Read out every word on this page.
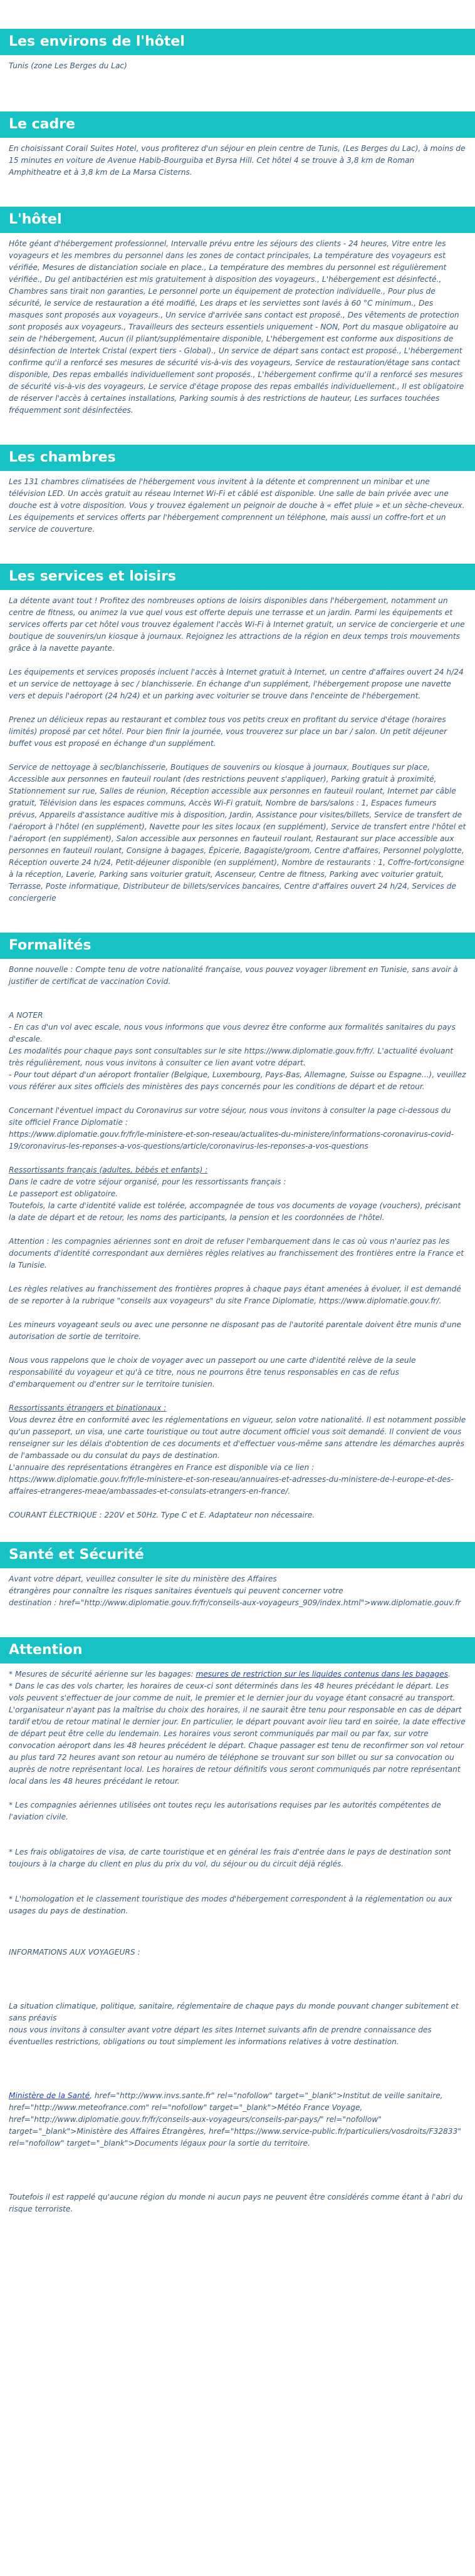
Les environs de l'hôtel

Tunis (zone Les Berges du Lac)

Le cadre

En choisissant Corail Suites Hotel, vous profiterez d'un séjour en plein centre de Tunis, (Les Berges du Lac), à moins de 15 minutes en voiture de Avenue Habib-Bourguiba et Byrsa Hill. Cet hôtel 4 se trouve à 3,8 km de Roman Amphitheatre et à 3,8 km de La Marsa Cisterns.

L'hôtel

Hôte géant d'hébergement professionnel, Intervalle prévu entre les séjours des clients - 24 heures, Vitre entre les voyageurs et les membres du personnel dans les zones de contact principales, La température des voyageurs est vérifiée, Mesures de distanciation sociale en place., La température des membres du personnel est régulièrement vérifiée., Du gel antibactérien est mis gratuitement à disposition des voyageurs., L'hébergement est désinfecté., Chambres sans tirait non garanties, Le personnel porte un équipement de protection individuelle., Pour plus de sécurité, le service de restauration a été modifié, Les draps et les serviettes sont lavés à 60 °C minimum., Des masques sont proposés aux voyageurs., Un service d'arrivée sans contact est proposé., Des vêtements de protection sont proposés aux voyageurs., Travailleurs des secteurs essentiels uniquement - NON, Port du masque obligatoire au sein de l'hébergement, Aucun (il pliant/supplémentaire disponible, L'hébergement est conforme aux dispositions de désinfection de Intertek Cristal (expert tiers - Global)., Un service de départ sans contact est proposé., L'hébergement confirme qu'il a renforcé ses mesures de sécurité vis-à-vis des voyageurs, Service de restauration/étage sans contact disponible, Des repas emballés individuellement sont proposés., L'hébergement confirme qu'il a renforcé ses mesures de sécurité vis-à-vis des voyageurs, Le service d'étage propose des repas emballés individuellement., Il est obligatoire de réserver l'accès à certaines installations, Parking soumis à des restrictions de hauteur, Les surfaces touchées fréquemment sont désinfectées.

Les chambres

Les 131 chambres climatisées de l'hébergement vous invitent à la détente et comprennent un minibar et une télévision LED. Un accès gratuit au réseau Internet Wi-Fi et câblé est disponible. Une salle de bain privée avec une douche est à votre disposition. Vous y trouvez également un peignoir de douche à « effet pluie » et un sèche-cheveux. Les équipements et services offerts par l'hébergement comprennent un téléphone, mais aussi un coffre-fort et un service de couverture.

Les services et loisirs

La détente avant tout ! Profitez des nombreuses options de loisirs disponibles dans l'hébergement, notamment un centre de fitness, ou animez la vue quel vous est offerte depuis une terrasse et un jardin. Parmi les équipements et services offerts par cet hôtel vous trouvez également l'accès Wi-Fi à Internet gratuit, un service de conciergerie et une boutique de souvenirs/un kiosque à journaux. Rejoignez les attractions de la région en deux temps trois mouvements grâce à la navette payante.

Les équipements et services proposés incluent l'accès à Internet gratuit à Internet, un centre d'affaires ouvert 24 h/24 et un service de nettoyage à sec / blanchisserie. En échange d'un supplément, l'hébergement propose une navette vers et depuis l'aéroport (24 h/24) et un parking avec voiturier se trouve dans l'enceinte de l'hébergement.

Prenez un délicieux repas au restaurant et comblez tous vos petits creux en profitant du service d'étage (horaires limités) proposé par cet hôtel. Pour bien finir la journée, vous trouverez sur place un bar / salon. Un petit déjeuner buffet vous est proposé en échange d'un supplément.

Service de nettoyage à sec/blanchisserie, Boutiques de souvenirs ou kiosque à journaux, Boutiques sur place, Accessible aux personnes en fauteuil roulant (des restrictions peuvent s'appliquer), Parking gratuit à proximité, Stationnement sur rue, Salles de réunion, Réception accessible aux personnes en fauteuil roulant, Internet par câble gratuit, Télévision dans les espaces communs, Accès Wi-Fi gratuit, Nombre de bars/salons : 1, Espaces fumeurs prévus, Appareils d'assistance auditive mis à disposition, Jardin, Assistance pour visites/billets, Service de transfert de l'aéroport à l'hôtel (en supplément), Navette pour les sites locaux (en supplément), Service de transfert entre l'hôtel et l'aéroport (en supplément), Salon accessible aux personnes en fauteuil roulant, Restaurant sur place accessible aux personnes en fauteuil roulant, Consigne à bagages, Épicerie, Bagagiste/groom, Centre d'affaires, Personnel polyglotte, Réception ouverte 24 h/24, Petit-déjeuner disponible (en supplément), Nombre de restaurants : 1, Coffre-fort/consigne à la réception, Laverie, Parking sans voiturier gratuit, Ascenseur, Centre de fitness, Parking avec voiturier gratuit, Terrasse, Poste informatique, Distributeur de billets/services bancaires, Centre d'affaires ouvert 24 h/24, Services de conciergerie

Formalités

Bonne nouvelle : Compte tenu de votre nationalité française, vous pouvez voyager librement en Tunisie, sans avoir à justifier de certificat de vaccination Covid.

A NOTER

- En cas d'un vol avec escale, nous vous informons que vous devrez être conforme aux formalités sanitaires du pays d'escale.

Les modalités pour chaque pays sont consultables sur le site https://www.diplomatie.gouv.fr/fr/. L'actualité évoluant très régulièrement, nous vous invitons à consulter ce lien avant votre départ.

- Pour tout départ d'un aéroport frontalier (Belgique, Luxembourg, Pays-Bas, Allemagne, Suisse ou Espagne...), veuillez vous référer aux sites officiels des ministères des pays concernés pour les conditions de départ et de retour.

Concernant l'éventuel impact du Coronavirus sur votre séjour, nous vous invitons à consulter la page ci-dessous du site officiel France Diplomatie :

https://www.diplomatie.gouv.fr/fr/le-ministere-et-son-reseau/actualites-du-ministere/informations-coronavirus-covid-19/coronavirus-les-reponses-a-vos-questions/article/coronavirus-les-reponses-a-vos-questions

Ressortissants français (adultes, bébés et enfants) :

Dans le cadre de votre séjour organisé, pour les ressortissants français :

Le passeport est obligatoire.

Toutefois, la carte d'identité valide est tolérée, accompagnée de tous vos documents de voyage (vouchers), précisant la date de départ et de retour, les noms des participants, la pension et les coordonnées de l'hôtel.

Attention : les compagnies aériennes sont en droit de refuser l'embarquement dans le cas où vous n'auriez pas les documents d'identité correspondant aux dernières règles relatives au franchissement des frontières entre la France et la Tunisie.

Les règles relatives au franchissement des frontières propres à chaque pays étant amenées à évoluer, il est demandé de se reporter à la rubrique "conseils aux voyageurs" du site France Diplomatie, https://www.diplomatie.gouv.fr/.

Les mineurs voyageant seuls ou avec une personne ne disposant pas de l'autorité parentale doivent être munis d'une autorisation de sortie de territoire.

Nous vous rappelons que le choix de voyager avec un passeport ou une carte d'identité relève de la seule responsabilité du voyageur et qu'à ce titre, nous ne pourrons être tenus responsables en cas de refus d'embarquement ou d'entrer sur le territoire tunisien.

Ressortissants étrangers et binationaux :

Vous devrez être en conformité avec les réglementations en vigueur, selon votre nationalité. Il est notamment possible qu'un passeport, un visa, une carte touristique ou tout autre document officiel vous soit demandé. Il convient de vous renseigner sur les délais d'obtention de ces documents et d'effectuer vous-même sans attendre les démarches auprès de l'ambassade ou du consulat du pays de destination.

L'annuaire des représentations étrangères en France est disponible via ce lien :

https://www.diplomatie.gouv.fr/fr/le-ministere-et-son-reseau/annuaires-et-adresses-du-ministere-de-l-europe-et-des-affaires-etrangeres-meae/ambassades-et-consulats-etrangers-en-france/.

COURANT ÉLECTRIQUE : 220V et 50Hz. Type C et E. Adaptateur non nécessaire.

Santé et Sécurité

Avant votre départ, veuillez consulter le site du ministère des Affaires

étrangères pour connaître les risques sanitaires éventuels qui peuvent concerner votre

destination : href="http://www.diplomatie.gouv.fr/fr/conseils-aux-voyageurs_909/index.html">www.diplomatie.gouv.fr

Attention

* Mesures de sécurité aérienne sur les bagages: mesures de restriction sur les liquides contenus dans les bagages.

* Dans le cas des vols charter, les horaires de ceux-ci sont déterminés dans les 48 heures précédant le départ. Les vols peuvent s'effectuer de jour comme de nuit, le premier et le dernier jour du voyage étant consacré au transport. L'organisateur n'ayant pas la maîtrise du choix des horaires, il ne saurait être tenu pour responsable en cas de départ tardif et/ou de retour matinal le dernier jour. En particulier, le départ pouvant avoir lieu tard en soirée, la date effective de départ peut être celle du lendemain. Les horaires vous seront communiqués par mail ou par fax, sur votre convocation aéroport dans les 48 heures précédent le départ. Chaque passager est tenu de reconfirmer son vol retour au plus tard 72 heures avant son retour au numéro de téléphone se trouvant sur son billet ou sur sa convocation ou auprès de notre représentant local. Les horaires de retour définitifs vous seront communiqués par notre représentant local dans les 48 heures précédant le retour.

* Les compagnies aériennes utilisées ont toutes reçu les autorisations requises par les autorités compétentes de l'aviation civile.

* Les frais obligatoires de visa, de carte touristique et en général les frais d'entrée dans le pays de destination sont toujours à la charge du client en plus du prix du vol, du séjour ou du circuit déjà réglés.

* L'homologation et le classement touristique des modes d'hébergement correspondent à la réglementation ou aux usages du pays de destination.

INFORMATIONS AUX VOYAGEURS :

La situation climatique, politique, sanitaire, réglementaire de chaque pays du monde pouvant changer subitement et sans préavis
nous vous invitons à consulter avant votre départ les sites Internet suivants afin de prendre connaissance des éventuelles restrictions, obligations ou tout simplement les informations relatives à votre destination.

Ministère de la Santé, href="http://www.invs.sante.fr" rel="nofollow" target="_blank">Institut de veille sanitaire, href="http://www.meteofrance.com" rel="nofollow" target="_blank">Météo France Voyage, href="http://www.diplomatie.gouv.fr/fr/conseils-aux-voyageurs/conseils-par-pays/" rel="nofollow" target="_blank">Ministère des Affaires Étrangères, href="https://www.service-public.fr/particuliers/vosdroits/F32833" rel="nofollow" target="_blank">Documents légaux pour la sortie du territoire.

Toutefois il est rappelé qu'aucune région du monde ni aucun pays ne peuvent être considérés comme étant à l'abri du risque terroriste.
